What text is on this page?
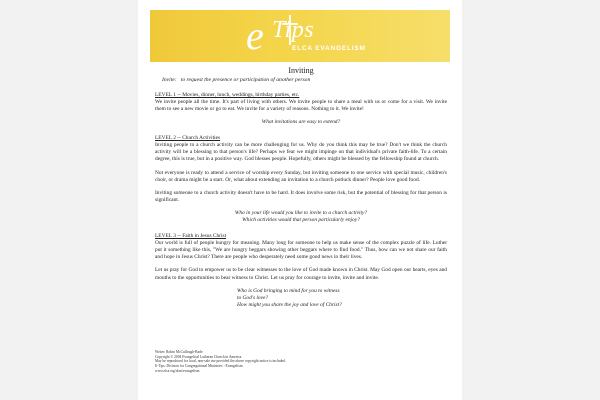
e Tips
ELCA EVANGELISM
Inviting
Invite: to request the presence or participation of another person
LEVEL 1 -- Movies, dinner, lunch, weddings, birthday parties, etc.

We invite people all the time. It's part of living with others. We invite people to share a meal with us or come for a visit. We invite them to see a new movie or go to eat. We invite for a variety of reasons. Nothing to it. We invite!

What invitations are easy to extend?

LEVEL 2 -- Church Activities

Inviting people to a church activity can be more challenging for us. Why do you think this may be true? Don't we think the church activity will be a blessing to that person's life? Perhaps we fear we might impinge on that individual's private faith-life. To a certain degree, this is true, but in a positive way. God blesses people. Hopefully, others might be blessed by the fellowship found at church.

Not everyone is ready to attend a service of worship every Sunday, but inviting someone to one service with special music, children's choir, or drama might be a start. Or, what about extending an invitation to a church potluck dinner? People love good food.

Inviting someone to a church activity doesn't have to be hard. It does involve some risk, but the potential of blessing for that person is significant.

Who in your life would you like to invite to a church activity?

Which activities would that person particularly enjoy?

LEVEL 3 -- Faith in Jesus Christ

Our world is full of people hungry for meaning. Many long for someone to help us make sense of the complex puzzle of life. Luther put it something like this, "We are hungry beggars showing other beggars where to find food." Thus, how can we not share our faith and hope in Jesus Christ? There are people who desperately need some good news in their lives.

Let us pray for God to empower us to be clear witnesses to the love of God made known in Christ. May God open our hearts, eyes and mouths to the opportunities to bear witness to Christ. Let us pray for courage to invite, invite and invite.

Who is God bringing to mind for you to witness

to God's love?

How might you share the joy and love of Christ?

Writer: Robin McCullough-Bade
Copyright © 2004 Evangelical Lutheran Church in America.
May be reproduced for local, non-sale use provided the above copyright notice is included.
E-Tips: Division for Congregational Ministries - Evangelism
www.elca.org/dcm/evangelism
